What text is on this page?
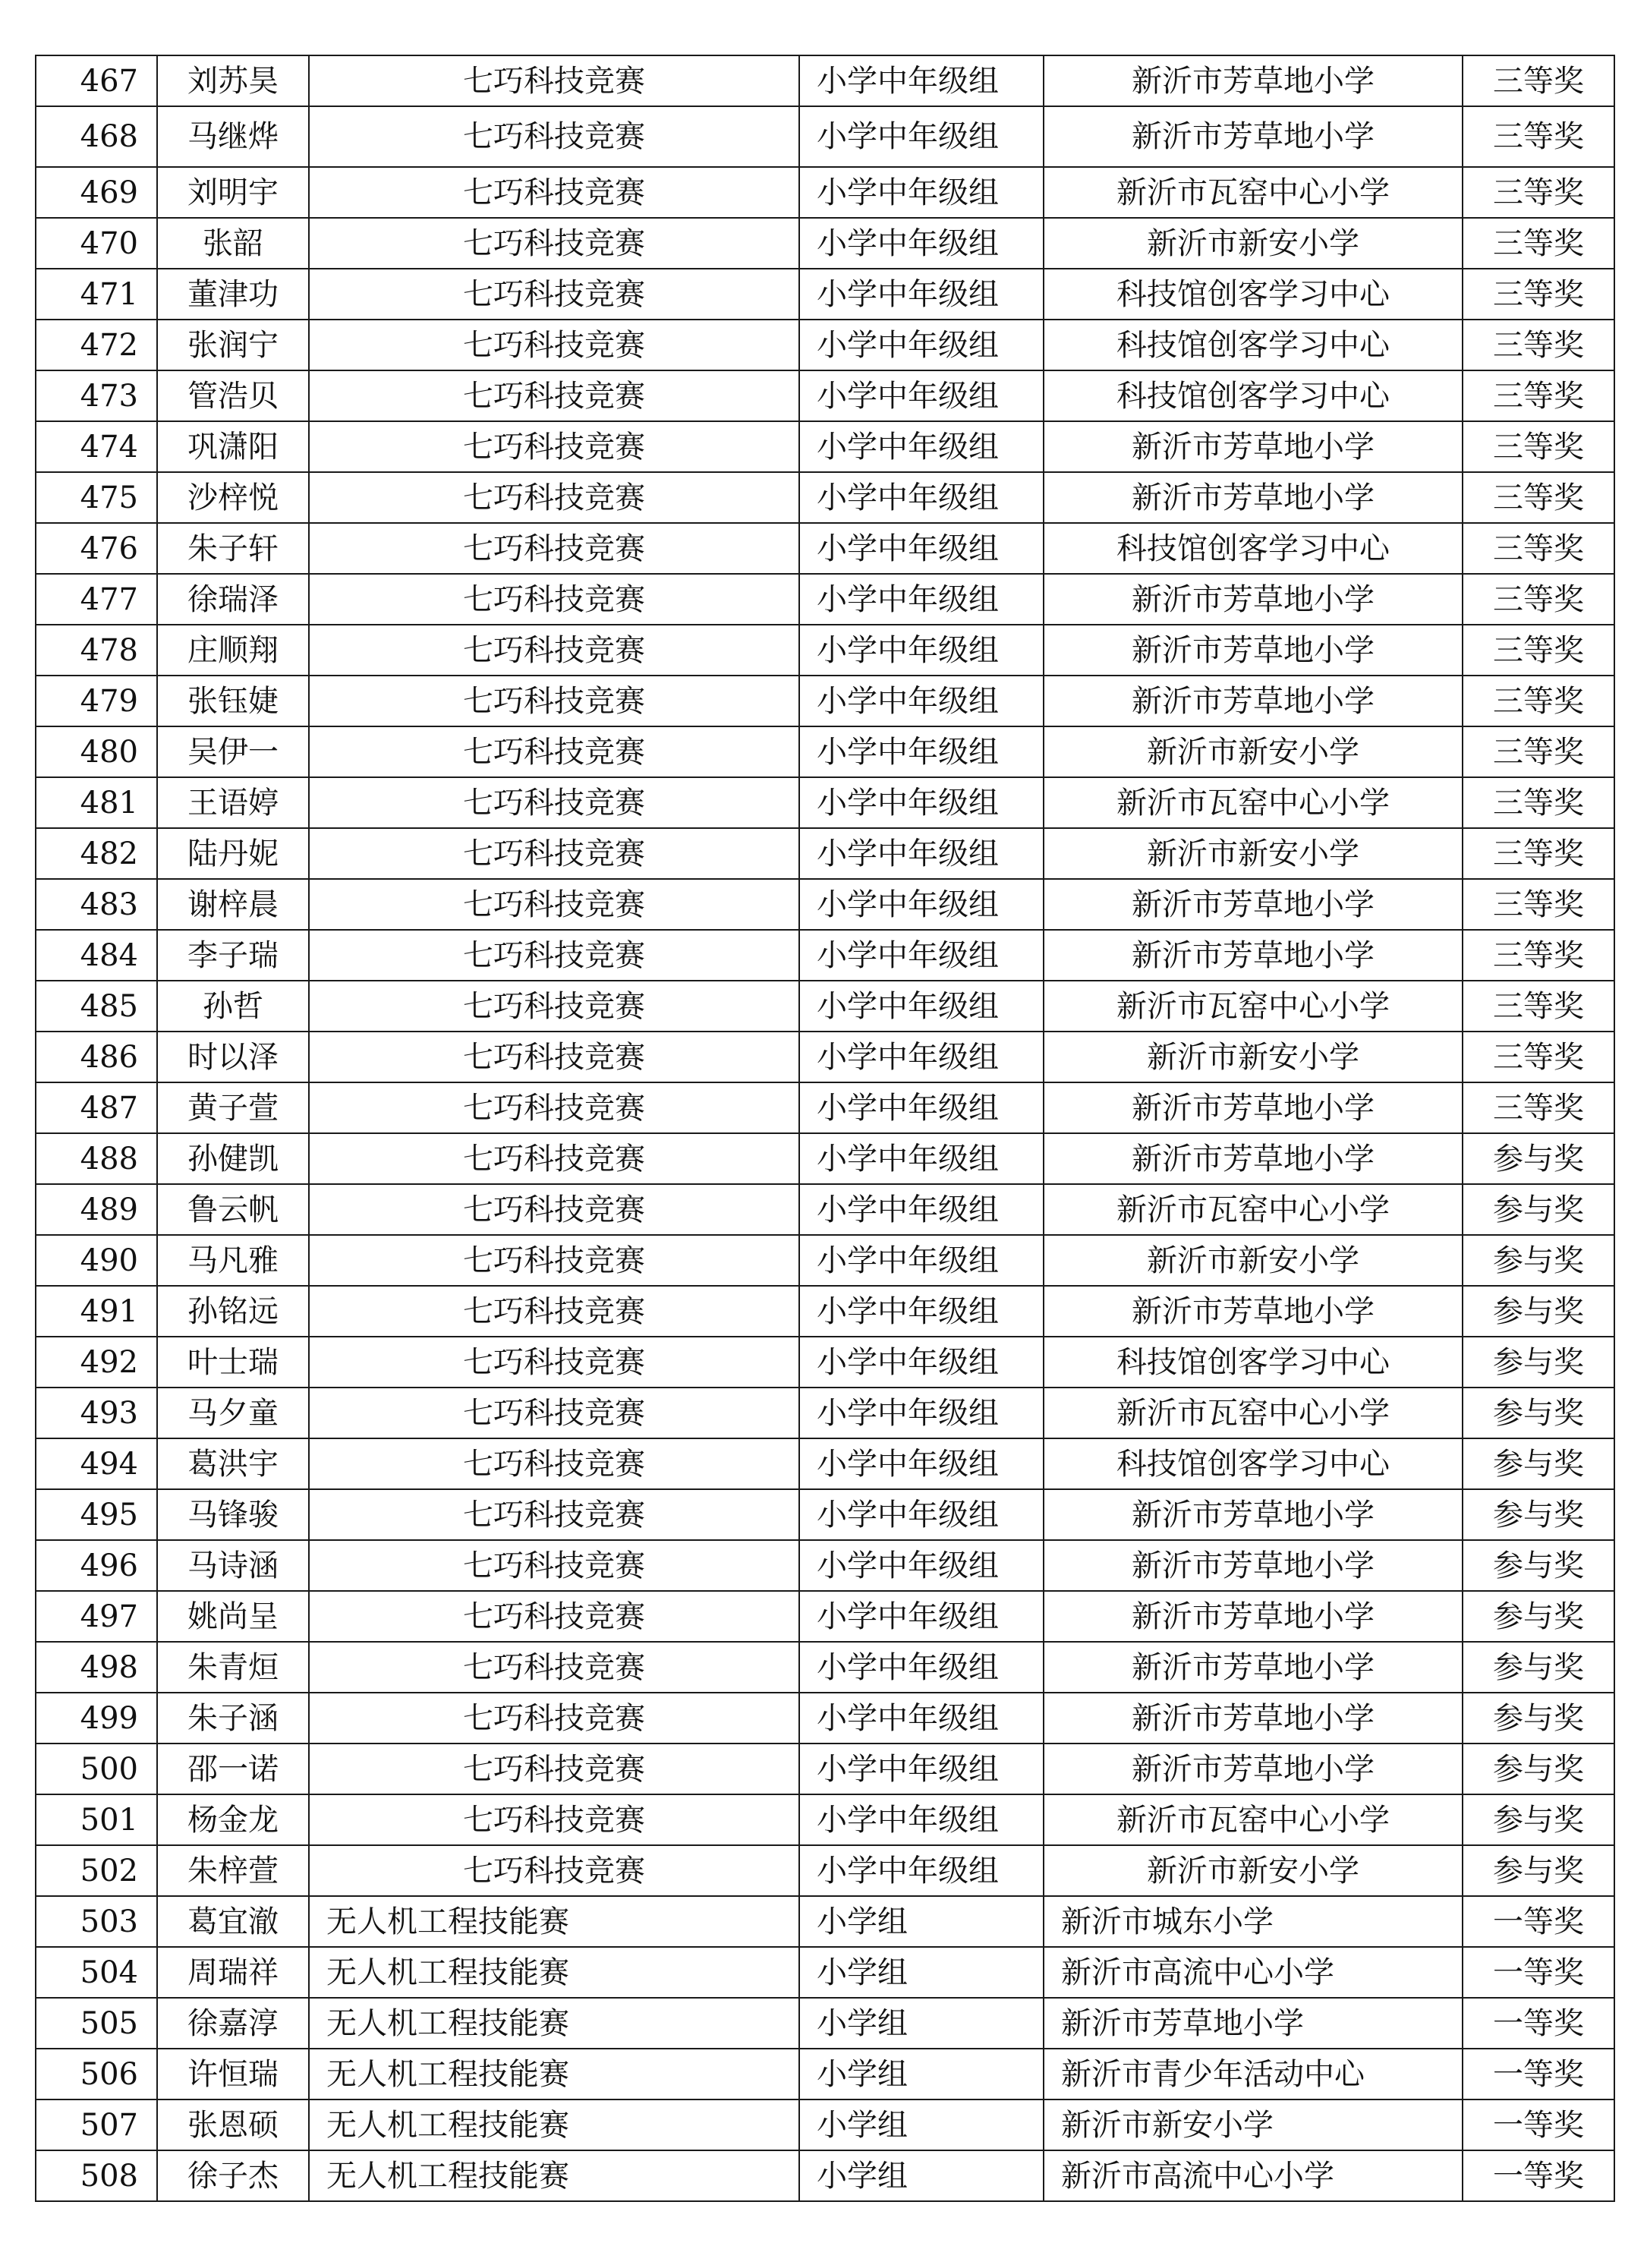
467	刘苏昊	七巧科技竞赛	小学中年级组	新沂市芳草地小学	三等奖
468	马继烨	七巧科技竞赛	小学中年级组	新沂市芳草地小学	三等奖
469	刘明宇	七巧科技竞赛	小学中年级组	新沂市瓦窑中心小学	三等奖
470	张韶	七巧科技竞赛	小学中年级组	新沂市新安小学	三等奖
471	董津功	七巧科技竞赛	小学中年级组	科技馆创客学习中心	三等奖
472	张润宁	七巧科技竞赛	小学中年级组	科技馆创客学习中心	三等奖
473	管浩贝	七巧科技竞赛	小学中年级组	科技馆创客学习中心	三等奖
474	巩潇阳	七巧科技竞赛	小学中年级组	新沂市芳草地小学	三等奖
475	沙梓悦	七巧科技竞赛	小学中年级组	新沂市芳草地小学	三等奖
476	朱子轩	七巧科技竞赛	小学中年级组	科技馆创客学习中心	三等奖
477	徐瑞泽	七巧科技竞赛	小学中年级组	新沂市芳草地小学	三等奖
478	庄顺翔	七巧科技竞赛	小学中年级组	新沂市芳草地小学	三等奖
479	张钰婕	七巧科技竞赛	小学中年级组	新沂市芳草地小学	三等奖
480	吴伊一	七巧科技竞赛	小学中年级组	新沂市新安小学	三等奖
481	王语婷	七巧科技竞赛	小学中年级组	新沂市瓦窑中心小学	三等奖
482	陆丹妮	七巧科技竞赛	小学中年级组	新沂市新安小学	三等奖
483	谢梓晨	七巧科技竞赛	小学中年级组	新沂市芳草地小学	三等奖
484	李子瑞	七巧科技竞赛	小学中年级组	新沂市芳草地小学	三等奖
485	孙哲	七巧科技竞赛	小学中年级组	新沂市瓦窑中心小学	三等奖
486	时以泽	七巧科技竞赛	小学中年级组	新沂市新安小学	三等奖
487	黄子萱	七巧科技竞赛	小学中年级组	新沂市芳草地小学	三等奖
488	孙健凯	七巧科技竞赛	小学中年级组	新沂市芳草地小学	参与奖
489	鲁云帆	七巧科技竞赛	小学中年级组	新沂市瓦窑中心小学	参与奖
490	马凡雅	七巧科技竞赛	小学中年级组	新沂市新安小学	参与奖
491	孙铭远	七巧科技竞赛	小学中年级组	新沂市芳草地小学	参与奖
492	叶士瑞	七巧科技竞赛	小学中年级组	科技馆创客学习中心	参与奖
493	马夕童	七巧科技竞赛	小学中年级组	新沂市瓦窑中心小学	参与奖
494	葛洪宇	七巧科技竞赛	小学中年级组	科技馆创客学习中心	参与奖
495	马锋骏	七巧科技竞赛	小学中年级组	新沂市芳草地小学	参与奖
496	马诗涵	七巧科技竞赛	小学中年级组	新沂市芳草地小学	参与奖
497	姚尚呈	七巧科技竞赛	小学中年级组	新沂市芳草地小学	参与奖
498	朱青烜	七巧科技竞赛	小学中年级组	新沂市芳草地小学	参与奖
499	朱子涵	七巧科技竞赛	小学中年级组	新沂市芳草地小学	参与奖
500	邵一诺	七巧科技竞赛	小学中年级组	新沂市芳草地小学	参与奖
501	杨金龙	七巧科技竞赛	小学中年级组	新沂市瓦窑中心小学	参与奖
502	朱梓萱	七巧科技竞赛	小学中年级组	新沂市新安小学	参与奖
503	葛宜澈	无人机工程技能赛	小学组	新沂市城东小学	一等奖
504	周瑞祥	无人机工程技能赛	小学组	新沂市高流中心小学	一等奖
505	徐嘉淳	无人机工程技能赛	小学组	新沂市芳草地小学	一等奖
506	许恒瑞	无人机工程技能赛	小学组	新沂市青少年活动中心	一等奖
507	张恩硕	无人机工程技能赛	小学组	新沂市新安小学	一等奖
508	徐子杰	无人机工程技能赛	小学组	新沂市高流中心小学	一等奖
